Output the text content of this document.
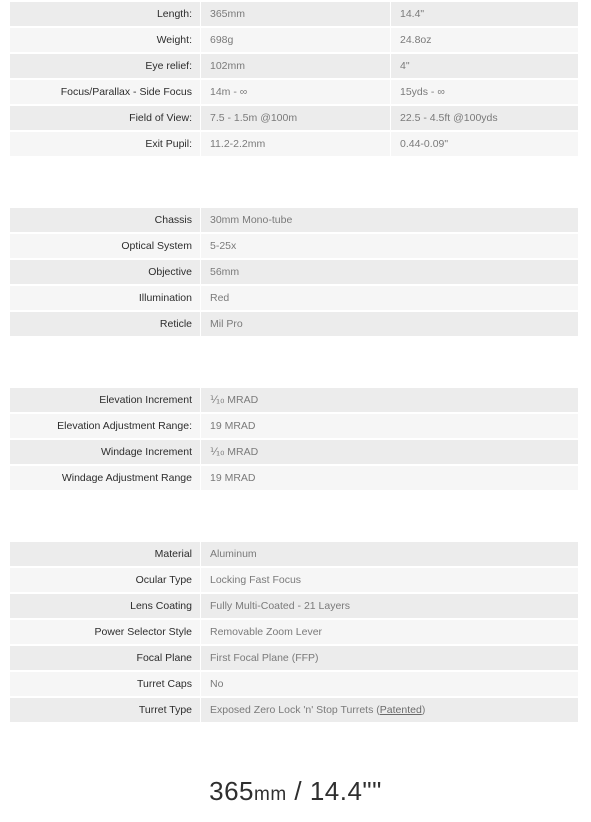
Length:	365mm	14.4"
Weight:	698g	24.8oz
Eye relief:	102mm	4"
Focus/Parallax - Side Focus	14m - ∞	15yds - ∞
Field of View:	7.5 - 1.5m @100m	22.5 - 4.5ft @100yds
Exit Pupil:	11.2-2.2mm	0.44-0.09"
Chassis	30mm Mono-tube
Optical System	5-25x
Objective	56mm
Illumination	Red
Reticle	Mil Pro
Elevation Increment	⅒ MRAD
Elevation Adjustment Range:	19 MRAD
Windage Increment	⅒ MRAD
Windage Adjustment Range	19 MRAD
Material	Aluminum
Ocular Type	Locking Fast Focus
Lens Coating	Fully Multi-Coated - 21 Layers
Power Selector Style	Removable Zoom Lever
Focal Plane	First Focal Plane (FFP)
Turret Caps	No
Turret Type	Exposed Zero Lock 'n' Stop Turrets (Patented)
365mm / 14.4""
